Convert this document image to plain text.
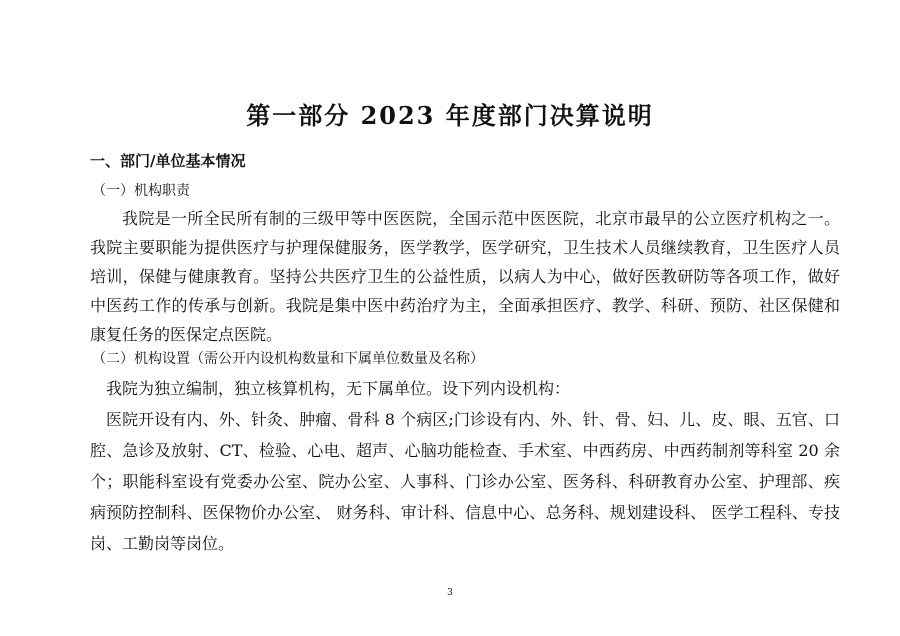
第一部分 2023 年度部门决算说明
一、部门/单位基本情况
（一）机构职责
我院是一所全民所有制的三级甲等中医医院，全国示范中医医院，北京市最早的公立医疗机构之一。我院主要职能为提供医疗与护理保健服务，医学教学，医学研究，卫生技术人员继续教育，卫生医疗人员培训，保健与健康教育。坚持公共医疗卫生的公益性质，以病人为中心，做好医教研防等各项工作，做好中医药工作的传承与创新。我院是集中医中药治疗为主，全面承担医疗、教学、科研、预防、社区保健和康复任务的医保定点医院。
（二）机构设置（需公开内设机构数量和下属单位数量及名称）
我院为独立编制，独立核算机构，无下属单位。设下列内设机构：
医院开设有内、外、针灸、肿瘤、骨科 8 个病区;门诊设有内、外、针、骨、妇、儿、皮、眼、五官、口腔、急诊及放射、CT、检验、心电、超声、心脑功能检查、手术室、中西药房、中西药制剂等科室 20 余个；职能科室设有党委办公室、院办公室、人事科、门诊办公室、医务科、科研教育办公室、护理部、疾病预防控制科、医保物价办公室、 财务科、审计科、信息中心、总务科、规划建设科、 医学工程科、专技岗、工勤岗等岗位。
3
